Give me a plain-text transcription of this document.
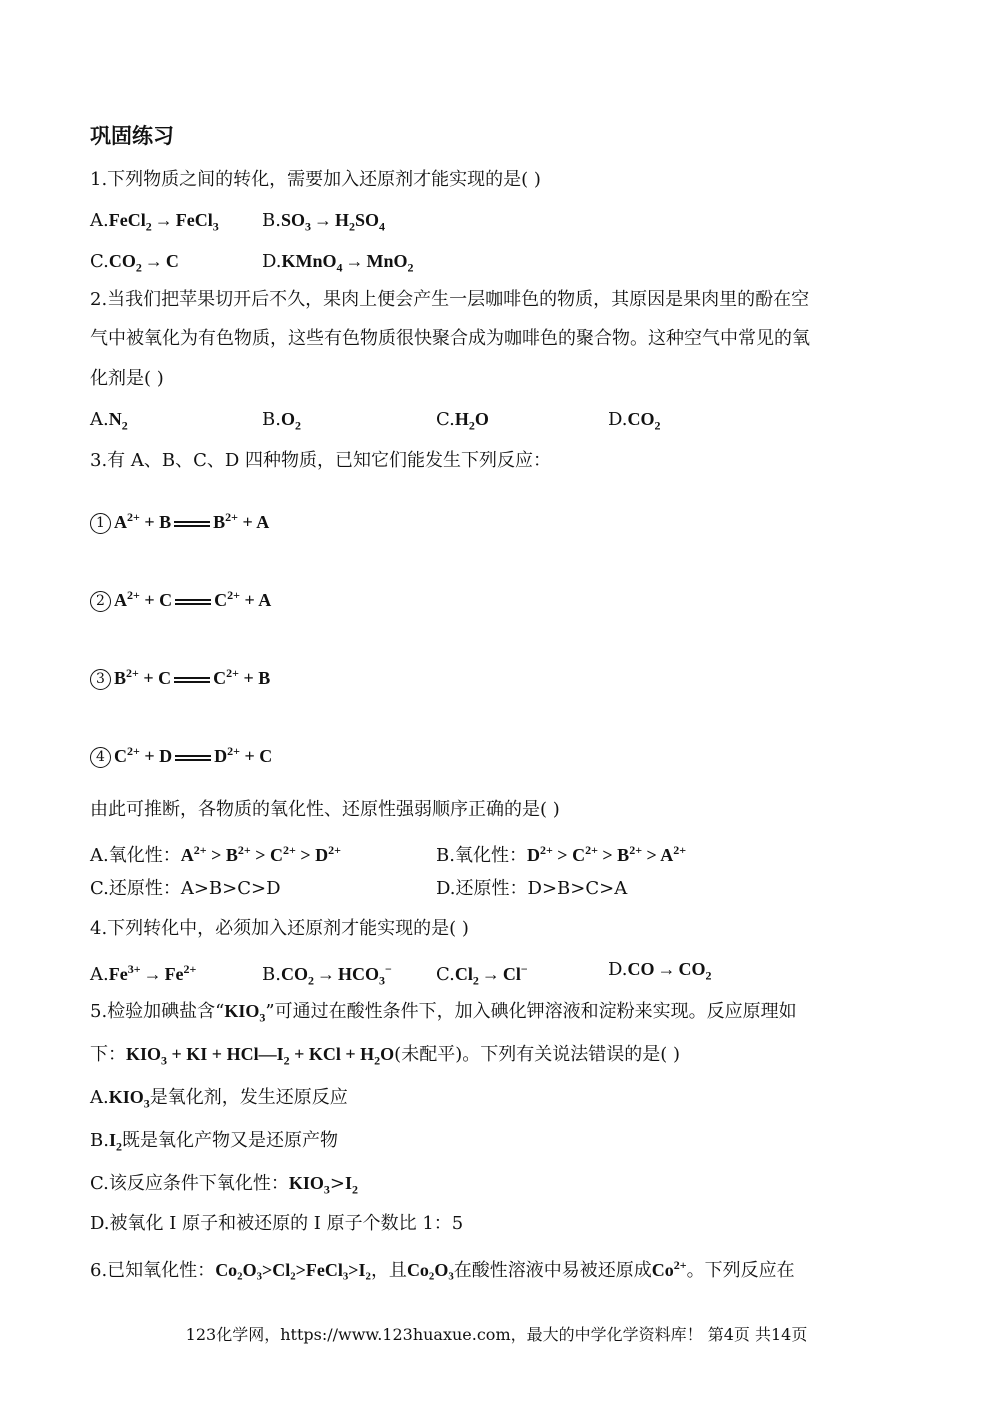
巩固练习
1.下列物质之间的转化，需要加入还原剂才能实现的是( )
A.FeCl$_2$ → FeCl$_3$ $B.SO_3 \to H_2SO_4$
$C.CO_2 \to C$	D.KMnO$_4$ → MnO$_2$
2.当我们把苹果切开后不久，果肉上便会产生一层咖啡色的物质，其原因是果肉里的酚在空
气中被氧化为有色物质，这些有色物质很快聚合成为咖啡色的聚合物。这种空气中常见的氧
化剂是( )
$A.N_2$	$B.O_2$	$C.H_2O$	$D.CO_2$
3.有 A、B、C、D 四种物质，已知它们能发生下列反应：
1 $A^{2+} + B$ $B^{2+} + A$
2 $A^{2+} + C$ $C^{2+} + A$
3 $B^{2+} + C$ $C^{2+} + B$
4 $C^{2+} + D$ $D^{2+} + C$
由此可推断，各物质的氧化性、还原性强弱顺序正确的是( )
A.氧化性：$A^{2+} > B^{2+} > C^{2+} > D^{2+}$	B.氧化性：$D^{2+} > C^{2+} > B^{2+} > A^{2+}$
C.还原性：A>B>C>D	D.还原性：D>B>C>A
4.下列转化中，必须加入还原剂才能实现的是( )
$A.Fe^{3+} \to Fe^{2+}$	$B.CO_2 \to HCO_3^-$ $C.Cl_2 \to Cl^-$	$D.CO \to CO_2$
5.检验加碘盐含“$KIO_3$”可通过在酸性条件下，加入碘化钾溶液和淀粉来实现。反应原理如
下：$KIO_3$ + KI + $HCl—I_2$ + KCl + $H_2O$(未配平)。下列有关说法错误的是( )
$A.KIO_3$是氧化剂，发生还原反应
$B.I_2$既是氧化产物又是还原产物
C.该反应条件下氧化性：$KIO_3>I_2$
D.被氧化 I 原子和被还原的 I 原子个数比 1：5
6.已知氧化性：Co₂O₃>Cl₂>FeCl₃>I₂，且Co₂O₃在酸性溶液中易被还原成$Co^{2+}$。下列反应在
123化学网，https://www.123huaxue.com，最大的中学化学资料库！ 第4页 共14页
